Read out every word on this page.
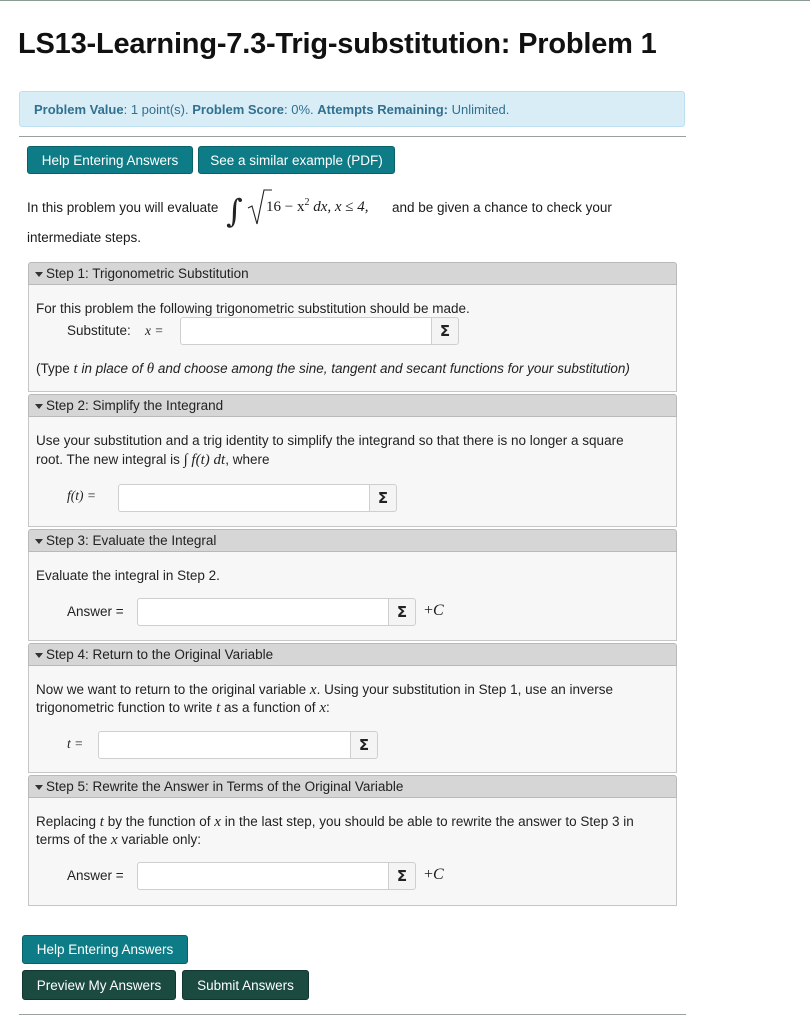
LS13-Learning-7.3-Trig-substitution: Problem 1
Problem Value: 1 point(s). Problem Score: 0%. Attempts Remaining: Unlimited.
Help Entering Answers	See a similar example (PDF)
In this problem you will evaluate ∫ $16 - x^2$ dx, x ≤ 4, and be given a chance to check your
intermediate steps.
Step 1: Trigonometric Substitution
For this problem the following trigonometric substitution should be made.
Substitute: x =	Σ
(Type t in place of θ and choose among the sine, tangent and secant functions for your substitution)
Step 2: Simplify the Integrand
Use your substitution and a trig identity to simplify the integrand so that there is no longer a square
root. The new integral is ∫ f(t) dt, where
f(t) =	Σ
Step 3: Evaluate the Integral
Evaluate the integral in Step 2.
Answer =	Σ	+C
Step 4: Return to the Original Variable
Now we want to return to the original variable x. Using your substitution in Step 1, use an inverse
trigonometric function to write t as a function of x:
t =	Σ
Step 5: Rewrite the Answer in Terms of the Original Variable
Replacing t by the function of x in the last step, you should be able to rewrite the answer to Step 3 in
terms of the x variable only:
Answer =	Σ	+C
Help Entering Answers
Preview My Answers	Submit Answers
